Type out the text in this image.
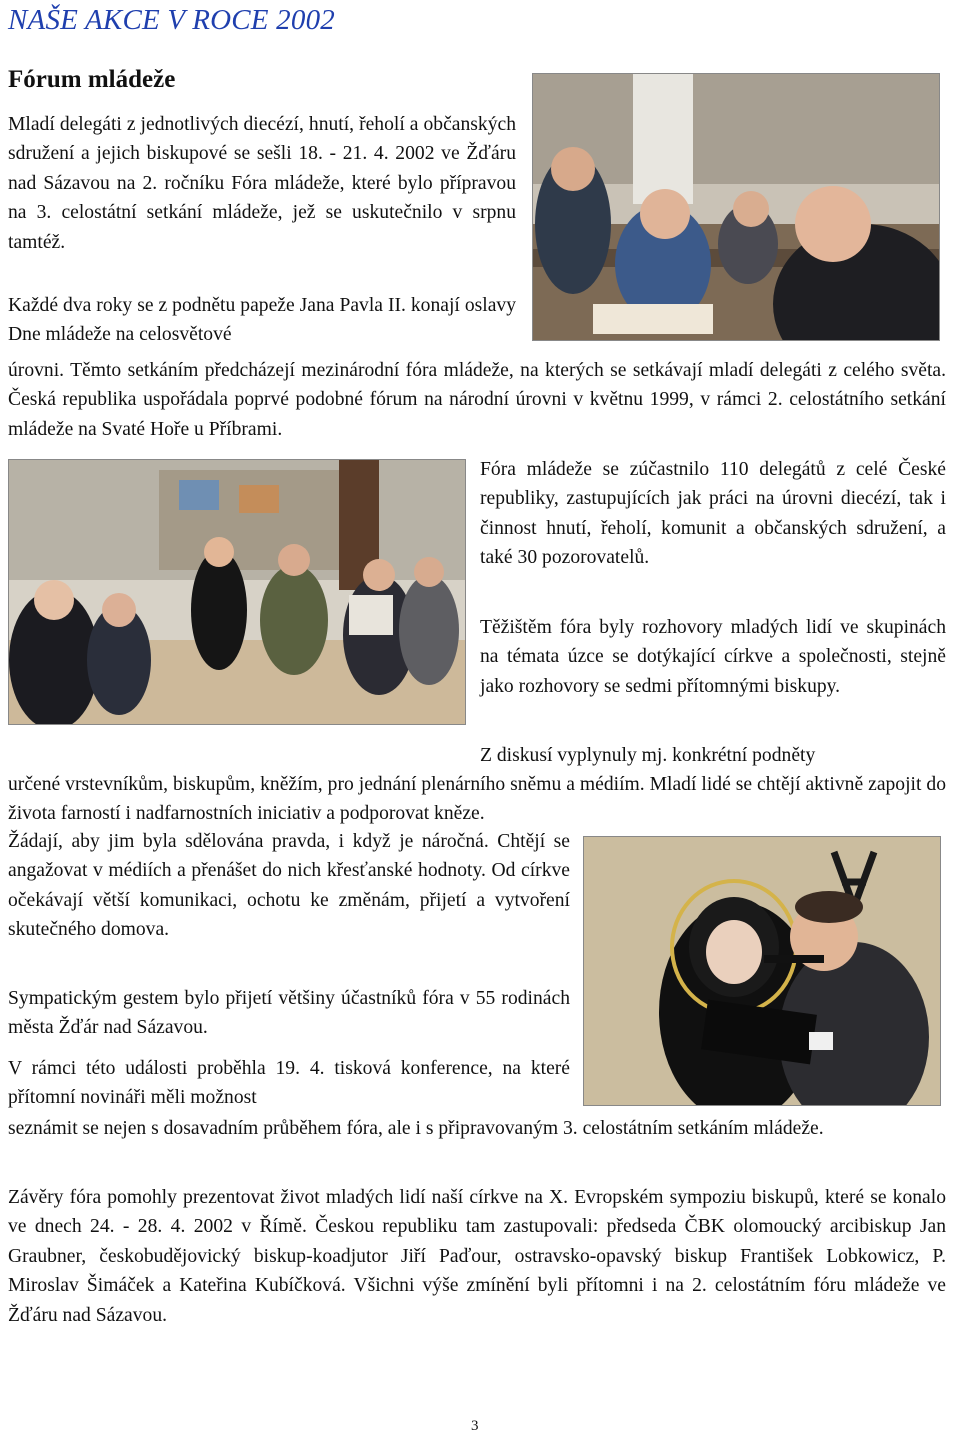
NAŠE AKCE V ROCE 2002
Fórum mládeže

Mladí delegáti z jednotlivých diecézí, hnutí, řeholí a občanských sdružení a jejich biskupové se sešli 18. - 21. 4. 2002 ve Žďáru nad Sázavou na 2. ročníku Fóra mládeže, které bylo přípravou na 3. celostátní setkání mládeže, jež se uskutečnilo v srpnu tamtéž.

Každé dva roky se z podnětu papeže Jana Pavla II. konají oslavy Dne mládeže na celosvětové

úrovni. Těmto setkáním předcházejí mezinárodní fóra mládeže, na kterých se setkávají mladí delegáti z celého světa. Česká republika uspořádala poprvé podobné fórum na národní úrovni v květnu 1999, v rámci 2. celostátního setkání mládeže na Svaté Hoře u Příbrami.

Fóra mládeže se zúčastnilo 110 delegátů z celé České republiky, zastupujících jak práci na úrovni diecézí, tak i činnost hnutí, řeholí, komunit a občanských sdružení, a také 30 pozorovatelů.

Těžištěm fóra byly rozhovory mladých lidí ve skupinách na témata úzce se dotýkající církve a společnosti, stejně jako rozhovory se sedmi přítomnými biskupy.

Z diskusí vyplynuly mj. konkrétní podněty

určené vrstevníkům, biskupům, kněžím, pro jednání plenárního sněmu a médiím. Mladí lidé se chtějí aktivně zapojit do života farností i nadfarnostních iniciativ a podporovat kněze.

Žádají, aby jim byla sdělována pravda, i když je náročná. Chtějí se angažovat v médiích a přenášet do nich křesťanské hodnoty. Od církve očekávají větší komunikaci, ochotu ke změnám, přijetí a vytvoření skutečného domova.

Sympatickým gestem bylo přijetí většiny účastníků fóra v 55 rodinách města Žďár nad Sázavou.

V rámci této události proběhla 19. 4. tisková konference, na které přítomní novináři měli možnost

seznámit se nejen s dosavadním průběhem fóra, ale i s připravovaným 3. celostátním setkáním mládeže.

Závěry fóra pomohly prezentovat život mladých lidí naší církve na X. Evropském sympoziu biskupů, které se konalo ve dnech 24. - 28. 4. 2002 v Římě. Českou republiku tam zastupovali: předseda ČBK olomoucký arcibiskup Jan Graubner, českobudějovický biskup-koadjutor Jiří Paďour, ostravsko-opavský biskup František Lobkowicz, P. Miroslav Šimáček a Kateřina Kubíčková. Všichni výše zmínění byli přítomni i na 2. celostátním fóru mládeže ve Žďáru nad Sázavou.

3
